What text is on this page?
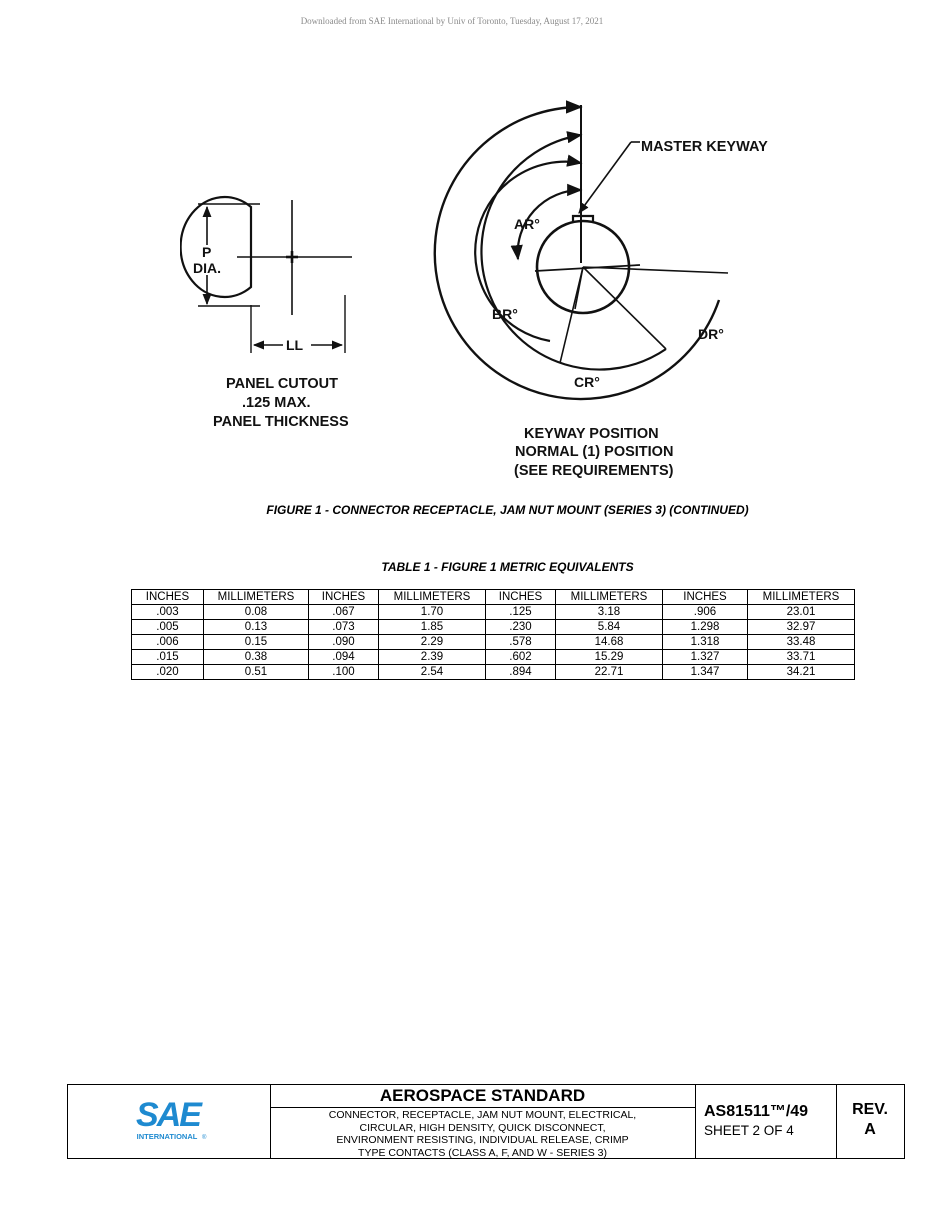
Downloaded from SAE International by Univ of Toronto, Tuesday, August 17, 2021
P
DIA.
LL
PANEL CUTOUT
.125 MAX.
PANEL THICKNESS
MASTER KEYWAY
AR°
BR°
CR°
DR°
KEYWAY POSITION
NORMAL (1) POSITION
(SEE REQUIREMENTS)
FIGURE 1 - CONNECTOR RECEPTACLE, JAM NUT MOUNT (SERIES 3) (CONTINUED)
TABLE 1 - FIGURE 1 METRIC EQUIVALENTS
INCHES	MILLIMETERS	INCHES	MILLIMETERS	INCHES	MILLIMETERS	INCHES	MILLIMETERS
.003	0.08	.067	1.70	.125	3.18	.906	23.01
.005	0.13	.073	1.85	.230	5.84	1.298	32.97
.006	0.15	.090	2.29	.578	14.68	1.318	33.48
.015	0.38	.094	2.39	.602	15.29	1.327	33.71
.020	0.51	.100	2.54	.894	22.71	1.347	34.21
SAE
INTERNATIONAL ®
AEROSPACE STANDARD
CONNECTOR, RECEPTACLE, JAM NUT MOUNT, ELECTRICAL,
CIRCULAR, HIGH DENSITY, QUICK DISCONNECT,
ENVIRONMENT RESISTING, INDIVIDUAL RELEASE, CRIMP
TYPE CONTACTS (CLASS A, F, AND W - SERIES 3)
AS81511™/49
SHEET 2 OF 4
REV.
A
